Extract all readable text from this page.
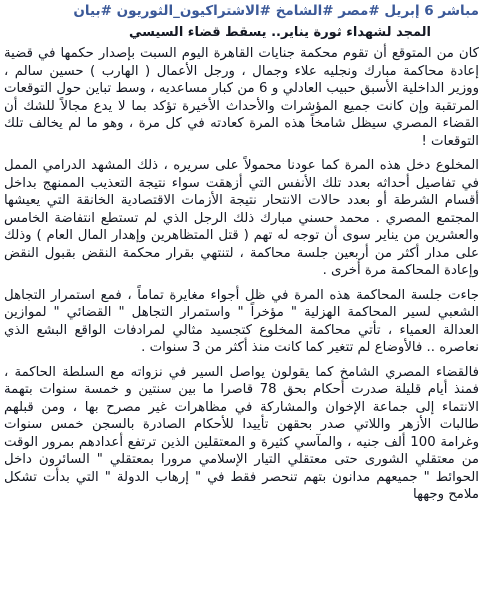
مباشر 6 إبريل #مصر #الشامخ #الاشتراكيون_الثوريون #بيان
المجد لشهداء ثورة يناير.. يسقط قضاء السيسي

كان من المتوقع أن تقوم محكمة جنايات القاهرة اليوم السبت بإصدار حكمها في قضية إعادة محاكمة مبارك ونجليه علاء وجمال ، ورجل الأعمال ( الهارب ) حسين سالم ، ووزير الداخلية الأسبق حبيب العادلي و 6 من كبار مساعديه ، وسط تباين حول التوقعات المرتقبة وإن كانت جميع المؤشرات والأحداث الأخيرة تؤكد بما لا يدع مجالاً للشك أن القضاء المصري سيظل شامخاً هذه المرة كعادته في كل مرة ، وهو ما لم يخالف تلك التوقعات !

المخلوع دخل هذه المرة كما عودنا محمولاً على سريره ، ذلك المشهد الدرامي الممل في تفاصيل أحداثه بعدد تلك الأنفس التي أزهقت سواء نتيجة التعذيب الممنهج بداخل أقسام الشرطة أو بعدد حالات الانتحار نتيجة الأزمات الاقتصادية الخانقة التي يعيشها المجتمع المصري . محمد حسني مبارك ذلك الرجل الذي لم تستطع انتفاضة الخامس والعشرين من يناير سوى أن توجه له تهم ( قتل المتظاهرين وإهدار المال العام ) وذلك على مدار أكثر من أربعين جلسة محاكمة ، لتنتهي بقرار محكمة النقض بقبول النقض وإعادة المحاكمة مرة أخرى .

جاءت جلسة المحاكمة هذه المرة في ظل أجواء مغايرة تماماً ، فمع استمرار التجاهل الشعبي لسير المحاكمة الهزلية " مؤخراً " واستمرار التجاهل " القضائي " لموازين العدالة العمياء ، تأتي محاكمة المخلوع كتجسيد مثالي لمرادفات الواقع البشع الذي نعاصره .. فالأوضاع لم تتغير كما كانت منذ أكثر من 3 سنوات .

فالقضاء المصري الشامخ كما يقولون يواصل السير في نزواته مع السلطة الحاكمة ، فمنذ أيام قليلة صدرت أحكام بحق 78 قاصرا ما بين سنتين و خمسة سنوات بتهمة الانتماء إلى جماعة الإخوان والمشاركة في مظاهرات غير مصرح بها ، ومن قبلهم طالبات الأزهر واللاتي صدر بحقهن تأييدا للأحكام الصادرة بالسجن خمس سنوات وغرامة 100 ألف جنيه ، والمآسي كثيرة و المعتقلين الذين ترتفع أعدادهم بمرور الوقت من معتقلي الشورى حتى معتقلي التيار الإسلامي مرورا بمعتقلي " السائرون داخل الحوائط " جميعهم مدانون بتهم تنحصر فقط في " إرهاب الدولة " التي بدأت تشكل ملامح وجهها
